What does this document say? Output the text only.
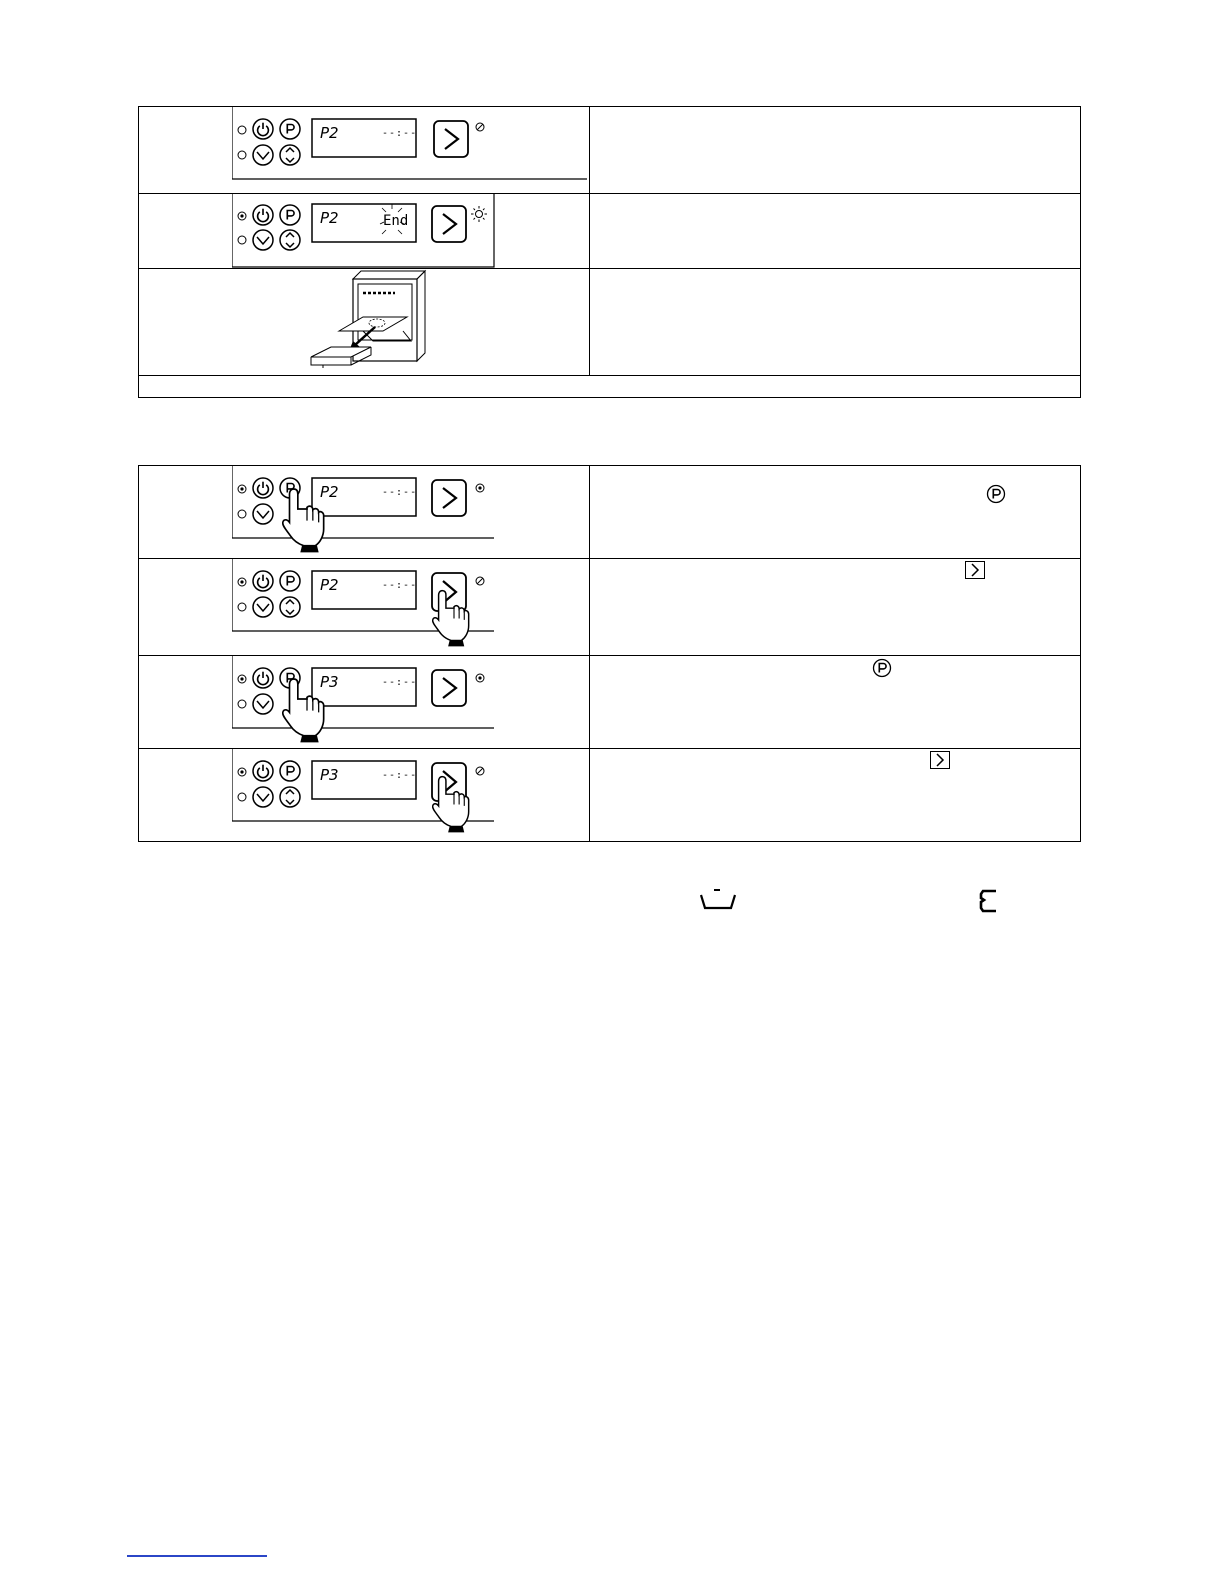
P2 --:--	

P2 End	

P2 --:--

P2 --:--

P3 --:--

P3 --:--
